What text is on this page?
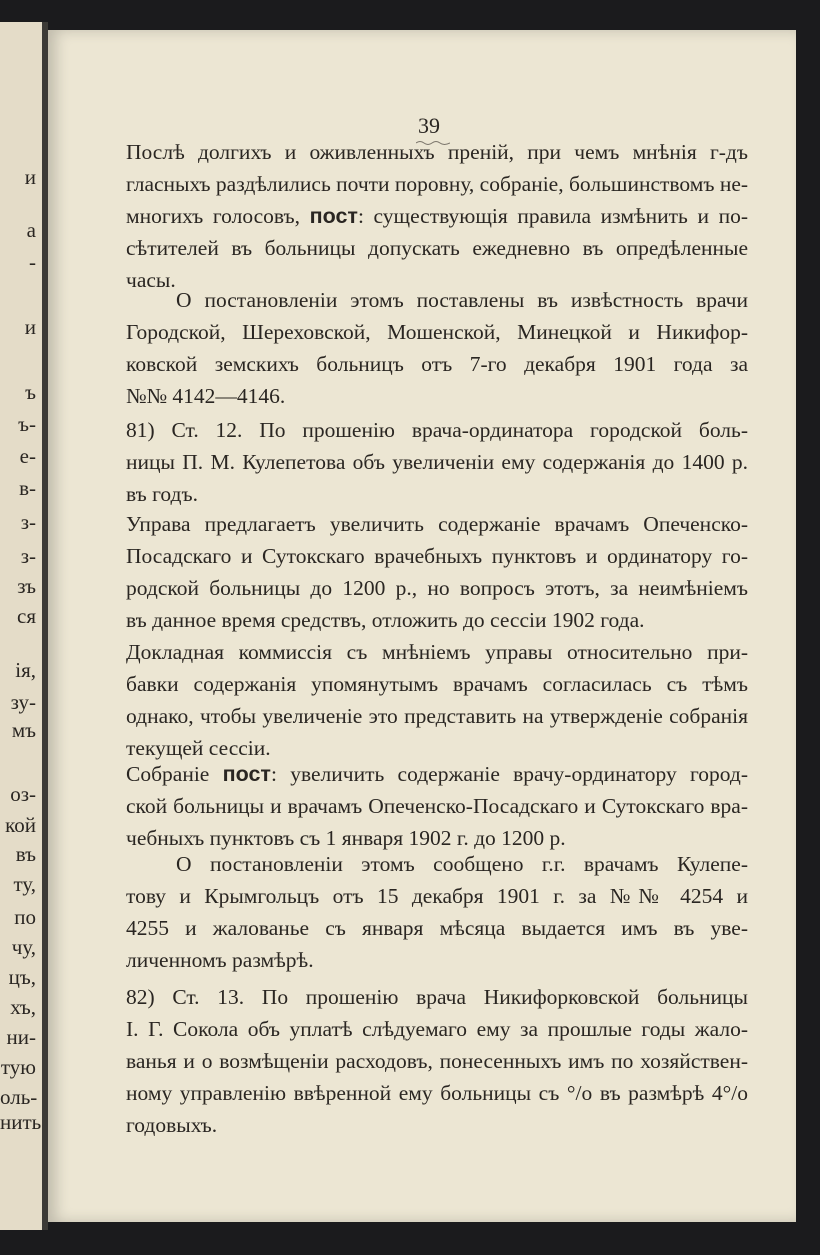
и
а
-
и
ъ
ъ-
е-
в-
з-
з-
зъ
ся
ія,
зу-
мъ
оз-
кой
въ
ту,
по
чу,
цъ,
хъ,
ни-
тую
оль-
нить
39
Послѣ долгихъ и оживленныхъ преній, при чемъ мнѣнія г-дъ
гласныхъ раздѣлились почти поровну, собраніе, большинствомъ не-
многихъ голосовъ, пост: существующія правила измѣнить и по-
сѣтителей въ больницы допускать ежедневно въ опредѣленные
часы.
О постановленіи этомъ поставлены въ извѣстность врачи
Городской, Шереховской, Мошенской, Минецкой и Никифор-
ковской земскихъ больницъ отъ 7-го декабря 1901 года за
№№ 4142—4146.
81) Ст. 12. По прошенію врача-ординатора городской боль-
ницы П. М. Кулепетова объ увеличеніи ему содержанія до 1400 р.
въ годъ.
Управа предлагаетъ увеличить содержаніе врачамъ Опеченско-
Посадскаго и Сутокскаго врачебныхъ пунктовъ и ординатору го-
родской больницы до 1200 р., но вопросъ этотъ, за неимѣніемъ
въ данное время средствъ, отложить до сессіи 1902 года.
Докладная коммиссія съ мнѣніемъ управы относительно при-
бавки содержанія упомянутымъ врачамъ согласилась съ тѣмъ
однако, чтобы увеличеніе это представить на утвержденіе собранія
текущей сессіи.
Собраніе пост: увеличить содержаніе врачу-ординатору город-
ской больницы и врачамъ Опеченско-Посадскаго и Сутокскаго вра-
чебныхъ пунктовъ съ 1 января 1902 г. до 1200 р.
О постановленіи этомъ сообщено г.г. врачамъ Кулепе-
тову и Крымгольцъ отъ 15 декабря 1901 г. за №№ 4254 и
4255 и жалованье съ января мѣсяца выдается имъ въ уве-
личенномъ размѣрѣ.
82) Ст. 13. По прошенію врача Никифорковской больницы
I. Г. Сокола объ уплатѣ слѣдуемаго ему за прошлые годы жало-
ванья и о возмѣщеніи расходовъ, понесенныхъ имъ по хозяйствен-
ному управленію ввѣренной ему больницы съ °/о въ размѣрѣ 4°/о
годовыхъ.
